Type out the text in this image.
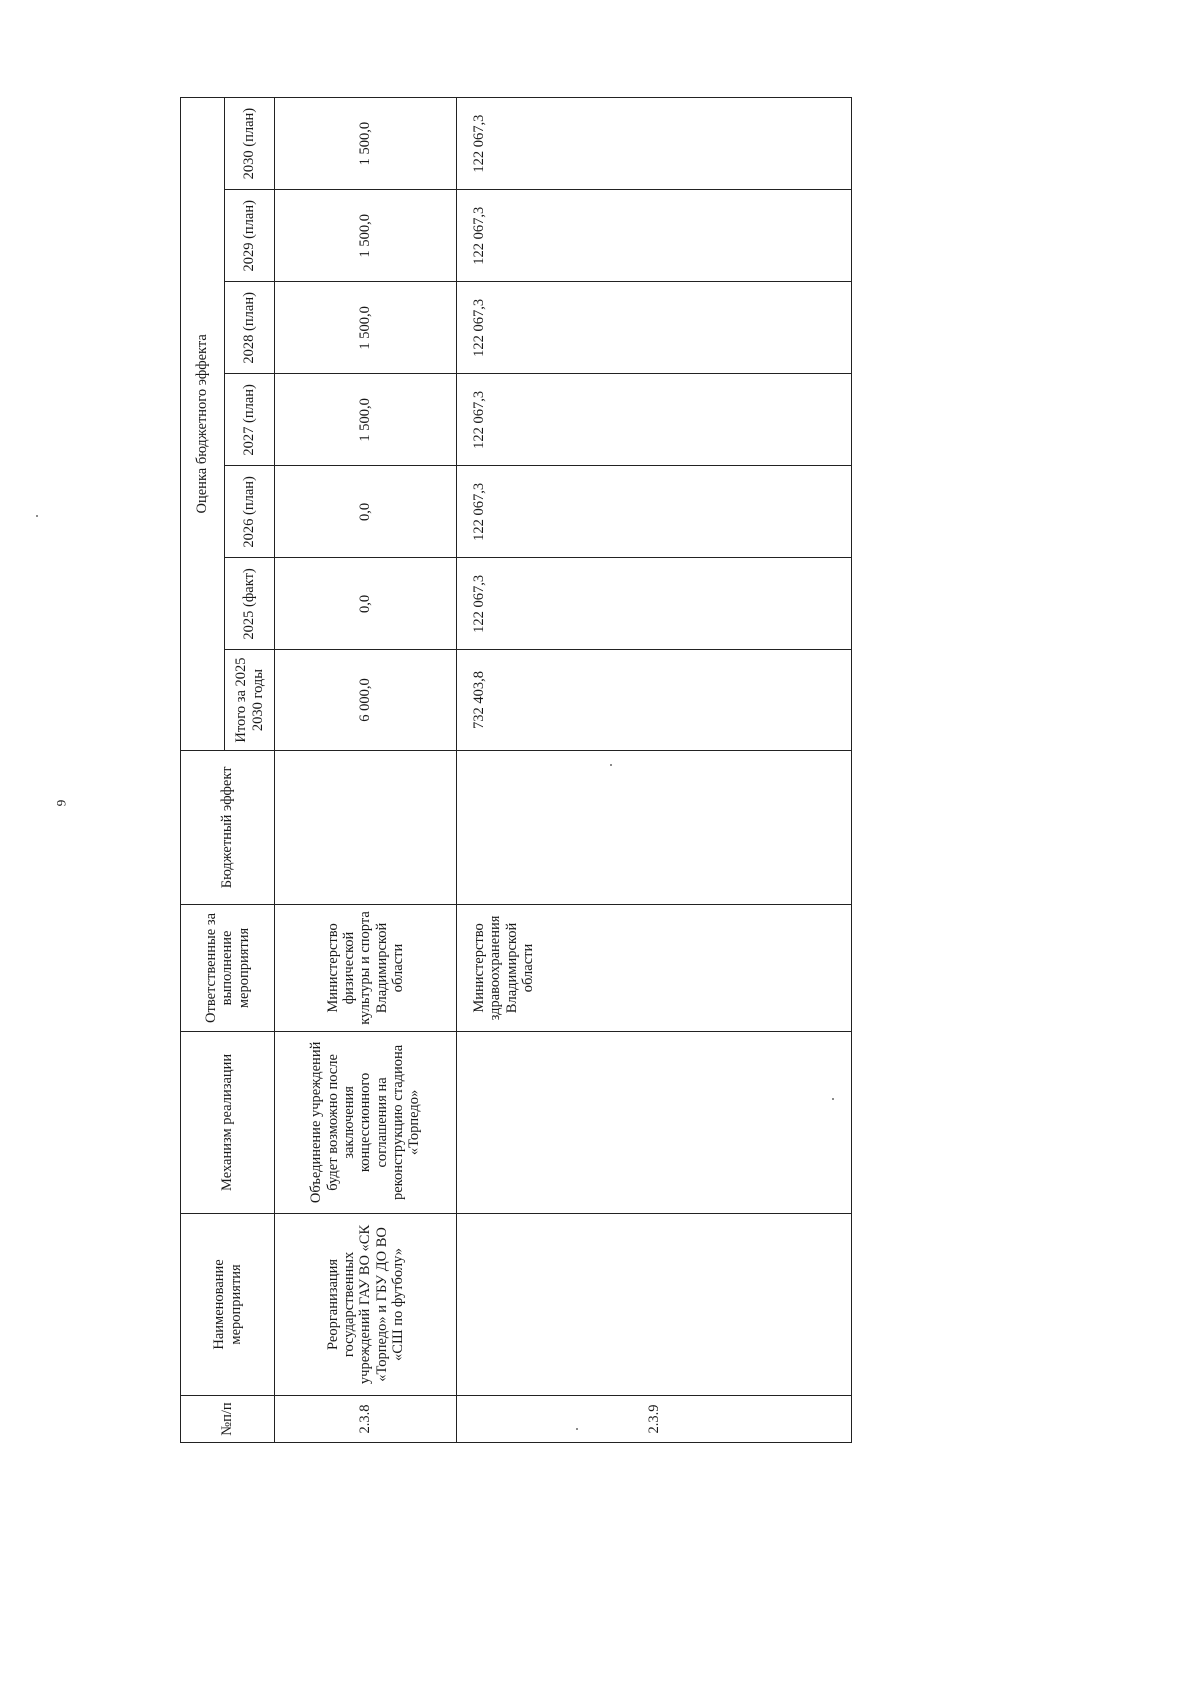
9
№п/п	Наименование мероприятия	Механизм реализации	Ответственные за выполнение мероприятия	Бюджетный эффект	Оценка бюджетного эффекта						
					Итого за 2025 2030 годы	2025 (факт)	2026 (план)	2027 (план)	2028 (план)	2029 (план)	2030 (план)
2.3.8	Реорганизация государственных учреждений ГАУ ВО «СК «Торпедо» и ГБУ ДО ВО «СШ по футболу»	Объединение учреждений будет возможно после заключения концессионного соглашения на реконструкцию стадиона «Торпедо»	Министерство физической культуры и спорта Владимирской области		6 000,0	0,0	0,0	1 500,0	1 500,0	1 500,0	1 500,0
2.3.9			Министерство здравоохранения Владимирской области		732 403,8	122 067,3	122 067,3	122 067,3	122 067,3	122 067,3	122 067,3
